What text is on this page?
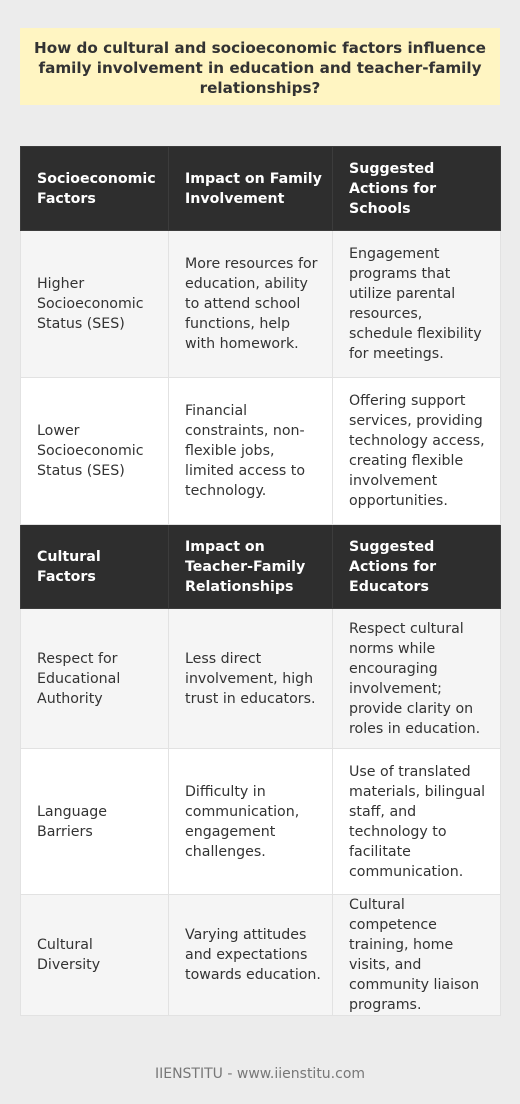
How do cultural and socioeconomic factors influence family involvement in education and teacher-family relationships?
Socioeconomic Factors	Impact on Family Involvement	Suggested Actions for Schools
Higher Socioeconomic Status (SES)	More resources for education, ability to attend school functions, help with homework.	Engagement programs that utilize parental resources, schedule flexibility for meetings.
Lower Socioeconomic Status (SES)	Financial constraints, non-flexible jobs, limited access to technology.	Offering support services, providing technology access, creating flexible involvement opportunities.
Cultural Factors	Impact on Teacher-Family Relationships	Suggested Actions for Educators
Respect for Educational Authority	Less direct involvement, high trust in educators.	Respect cultural norms while encouraging involvement; provide clarity on roles in education.
Language Barriers	Difficulty in communication, engagement challenges.	Use of translated materials, bilingual staff, and technology to facilitate communication.
Cultural Diversity	Varying attitudes and expectations towards education.	Cultural competence training, home visits, and community liaison programs.
IIENSTITU - www.iienstitu.com
